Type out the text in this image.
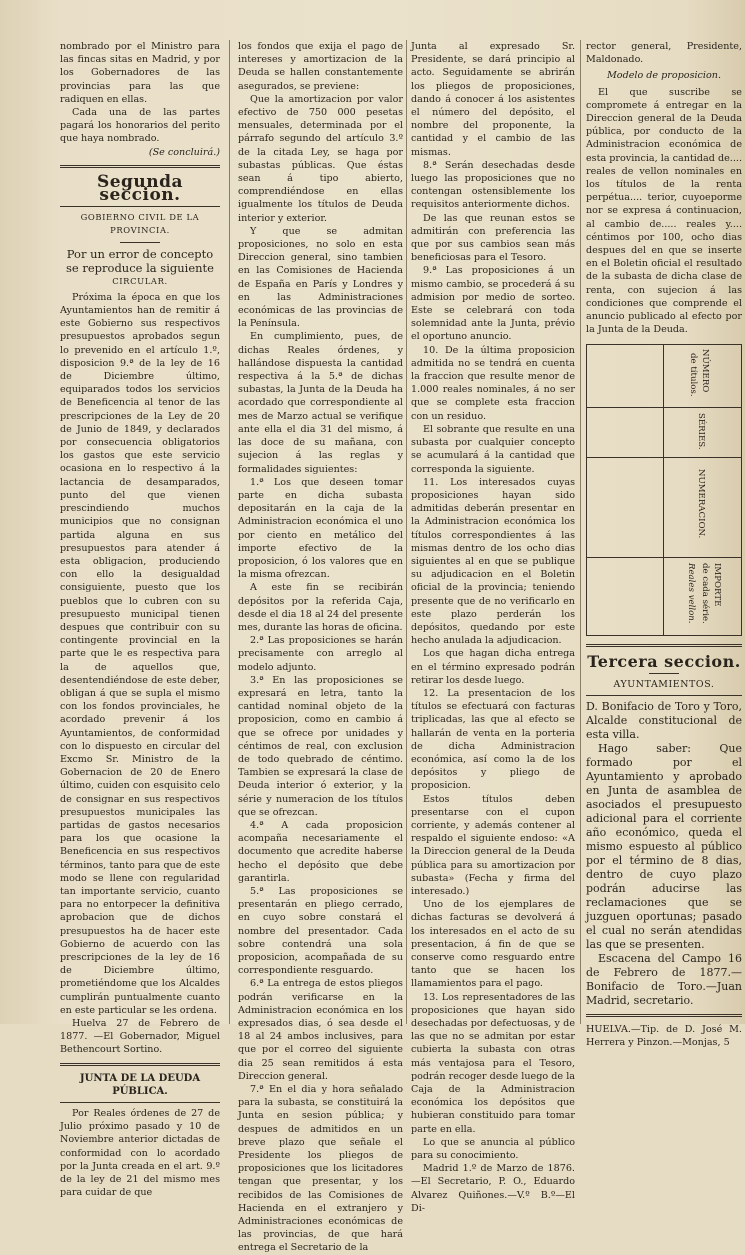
nombrado por el Ministro para las fincas sitas en Madrid, y por los Gobernadores de las provincias para las que radiquen en ellas.

Cada una de las partes pagará los honorarios del perito que haya nombrado.

(Se concluirá.)

Segunda seccion.

GOBIERNO CIVIL DE LA PROVINCIA.

Por un error de concepto se reproduce la siguiente

CIRCULAR.

Próxima la época en que los Ayuntamientos han de remitir á este Gobierno sus respectivos presupuestos aprobados segun lo prevenido en el artículo 1.º, disposicion 9.ª de la ley de 16 de Diciembre último, equiparados todos los servicios de Beneficencia al tenor de las prescripciones de la Ley de 20 de Junio de 1849, y declarados por consecuencia obligatorios los gastos que este servicio ocasiona en lo respectivo á la lactancia de desamparados, punto del que vienen prescindiendo muchos municipios que no consignan partida alguna en sus presupuestos para atender á esta obligacion, produciendo con ello la desigualdad consiguiente, puesto que los pueblos que lo cubren con su presupuesto municipal tienen despues que contribuir con su contingente provincial en la parte que le es respectiva para la de aquellos que, desentendiéndose de este deber, obligan á que se supla el mismo con los fondos provinciales, he acordado prevenir á los Ayuntamientos, de conformidad con lo dispuesto en circular del Excmo Sr. Ministro de la Gobernacion de 20 de Enero último, cuiden con esquisito celo de consignar en sus respectivos presupuestos municipales las partidas de gastos necesarios para los que ocasione la Beneficencia en sus respectivos términos, tanto para que de este modo se llene con regularidad tan importante servicio, cuanto para no entorpecer la definitiva aprobacion que de dichos presupuestos ha de hacer este Gobierno de acuerdo con las prescripciones de la ley de 16 de Diciembre último, prometiéndome que los Alcaldes cumplirán puntualmente cuanto en este particular se les ordena.

Huelva 27 de Febrero de 1877. —El Gobernador, Miguel Bethencourt Sortino.

JUNTA DE LA DEUDA PÚBLICA.

Por Reales órdenes de 27 de Julio próximo pasado y 10 de Noviembre anterior dictadas de conformidad con lo acordado por la Junta creada en el art. 9.º de la ley de 21 del mismo mes para cuidar de que

los fondos que exija el pago de intereses y amortizacion de la Deuda se hallen constantemente asegurados, se previene:

Que la amortizacion por valor efectivo de 750 000 pesetas mensuales, determinada por el párrafo segundo del artículo 3.º de la citada Ley, se haga por subastas públicas. Que éstas sean á tipo abierto, comprendiéndose en ellas igualmente los títulos de Deuda interior y exterior.

Y que se admitan proposiciones, no solo en esta Direccion general, sino tambien en las Comisiones de Hacienda de España en París y Londres y en las Administraciones económicas de las provincias de la Península.

En cumplimiento, pues, de dichas Reales órdenes, y hallándose dispuesta la cantidad respectiva á la 5.ª de dichas subastas, la Junta de la Deuda ha acordado que correspondiente al mes de Marzo actual se verifique ante ella el dia 31 del mismo, á las doce de su mañana, con sujecion á las reglas y formalidades siguientes:

1.ª Los que deseen tomar parte en dicha subasta depositarán en la caja de la Administracion económica el uno por ciento en metálico del importe efectivo de la proposicion, ó los valores que en la misma ofrezcan.

A este fin se recibirán depósitos por la referida Caja, desde el dia 18 al 24 del presente mes, durante las horas de oficina.

2.ª Las proposiciones se harán precisamente con arreglo al modelo adjunto.

3.ª En las proposiciones se expresará en letra, tanto la cantidad nominal objeto de la proposicion, como en cambio á que se ofrece por unidades y céntimos de real, con exclusion de todo quebrado de céntimo. Tambien se expresará la clase de Deuda interior ó exterior, y la série y numeracion de los títulos que se ofrezcan.

4.ª A cada proposicion acompaña necesariamente el documento que acredite haberse hecho el depósito que debe garantirla.

5.ª Las proposiciones se presentarán en pliego cerrado, en cuyo sobre constará el nombre del presentador. Cada sobre contendrá una sola proposicion, acompañada de su correspondiente resguardo.

6.ª La entrega de estos pliegos podrán verificarse en la Administracion económica en los expresados dias, ó sea desde el 18 al 24 ambos inclusives, para que por el correo del siguiente dia 25 sean remitidos á esta Direccion general.

7.ª En el dia y hora señalado para la subasta, se constituirá la Junta en sesion pública; y despues de admitidos en un breve plazo que señale el Presidente los pliegos de proposiciones que los licitadores tengan que presentar, y los recibidos de las Comisiones de Hacienda en el extranjero y Administraciones económicas de las provincias, de que hará entrega el Secretario de la

Junta al expresado Sr. Presidente, se dará principio al acto. Seguidamente se abrirán los pliegos de proposiciones, dando á conocer á los asistentes el número del depósito, el nombre del proponente, la cantidad y el cambio de las mismas.

8.ª Serán desechadas desde luego las proposiciones que no contengan ostensiblemente los requisitos anteriormente dichos.

De las que reunan estos se admitirán con preferencia las que por sus cambios sean más beneficiosas para el Tesoro.

9.ª Las proposiciones á un mismo cambio, se procederá á su admision por medio de sorteo. Este se celebrará con toda solemnidad ante la Junta, prévio el oportuno anuncio.

10. De la última proposicion admitida no se tendrá en cuenta la fraccion que resulte menor de 1.000 reales nominales, á no ser que se complete esta fraccion con un residuo.

El sobrante que resulte en una subasta por cualquier concepto se acumulará á la cantidad que corresponda la siguiente.

11. Los interesados cuyas proposiciones hayan sido admitidas deberán presentar en la Administracion económica los títulos correspondientes á las mismas dentro de los ocho dias siguientes al en que se publique su adjudicacion en el Boletin oficial de la provincia; teniendo presente que de no verificarlo en este plazo perderán los depósitos, quedando por este hecho anulada la adjudicacion.

Los que hagan dicha entrega en el término expresado podrán retirar los desde luego.

12. La presentacion de los títulos se efectuará con facturas triplicadas, las que al efecto se hallarán de venta en la porteria de dicha Administracion económica, así como la de los depósitos y pliego de proposicion.

Estos títulos deben presentarse con el cupon corriente, y además contener al respaldo el siguiente endoso: «A la Direccion general de la Deuda pública para su amortizacion por subasta» (Fecha y firma del interesado.)

Uno de los ejemplares de dichas facturas se devolverá á los interesados en el acto de su presentacion, á fin de que se conserve como resguardo entre tanto que se hacen los llamamientos para el pago.

13. Los representadores de las proposiciones que hayan sido desechadas por defectuosas, y de las que no se admitan por estar cubierta la subasta con otras más ventajosa para el Tesoro, podrán recoger desde luego de la Caja de la Administracion económica los depósitos que hubieran constituido para tomar parte en ella.

Lo que se anuncia al público para su conocimiento.

Madrid 1.º de Marzo de 1876. —El Secretario, P. O., Eduardo Alvarez Quiñones.—V.º B.º—El Di-

rector general, Presidente, Maldonado.

Modelo de proposicion.

El que suscribe se compromete á entregar en la Direccion general de la Deuda pública, por conducto de la Administracion económica de esta provincia, la cantidad de.... reales de vellon nominales en los títulos de la renta perpétua.... terior, cuyoeporme nor se expresa á continuacion, al cambio de..... reales y.... céntimos por 100, ocho dias despues del en que se inserte en el Boletin oficial el resultado de la subasta de dicha clase de renta, con sujecion á las condiciones que comprende el anuncio publicado al efecto por la Junta de la Deuda.

NÚMERO
de títulos.
SÉRIES.
NUMERACION.
IMPORTE
de cada série.
Reales vellon.
Tercera seccion.

AYUNTAMIENTOS.

D. Bonifacio de Toro y Toro, Alcalde constitucional de esta villa.

Hago saber: Que formado por el Ayuntamiento y aprobado en Junta de asamblea de asociados el presupuesto adicional para el corriente año económico, queda el mismo espuesto al público por el término de 8 dias, dentro de cuyo plazo podrán aducirse las reclamaciones que se juzguen oportunas; pasado el cual no serán atendidas las que se presenten.

Escacena del Campo 16 de Febrero de 1877.—Bonifacio de Toro.—Juan Madrid, secretario.

HUELVA.—Tip. de D. José M. Herrera y Pinzon.—Monjas, 5
